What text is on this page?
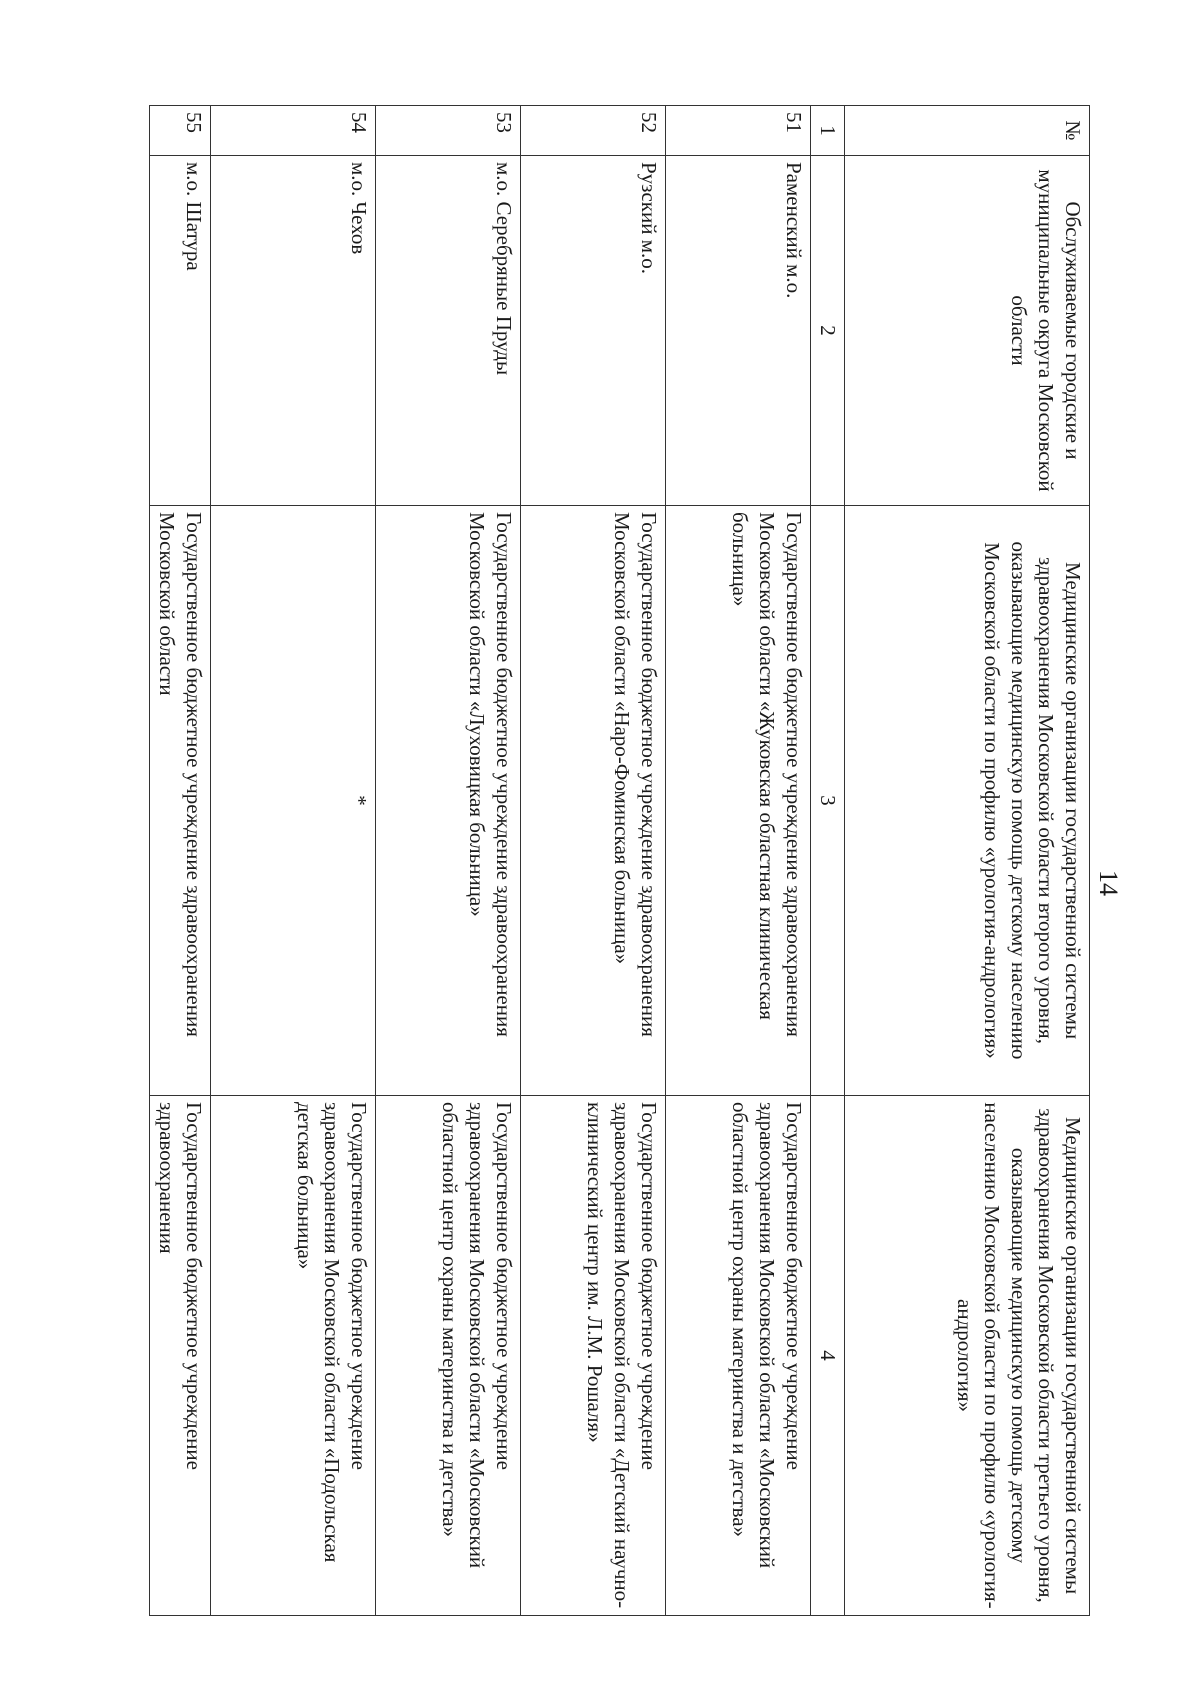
14
№	Обслуживаемые городские и муниципальные округа Московской области	Медицинские организации государственной системы здравоохранения Московской области второго уровня, оказывающие медицинскую помощь детскому населению Московской области по профилю «урология-андрология»	Медицинские организации государственной системы здравоохранения Московской области третьего уровня, оказывающие медицинскую помощь детскому населению Московской области по профилю «урология-андрология»
1	2	3	4
51	Раменский м.о.	Государственное бюджетное учреждение здравоохранения Московской области «Жуковская областная клиническая больница»	Государственное бюджетное учреждение здравоохранения Московской области «Московский областной центр охраны материнства и детства»
52	Рузский м.о.	Государственное бюджетное учреждение здравоохранения Московской области «Наро-Фоминская больница»	Государственное бюджетное учреждение здравоохранения Московской области «Детский научно-клинический центр им. Л.М. Рошаля»
53	м.о. Серебряные Пруды	Государственное бюджетное учреждение здравоохранения Московской области «Луховицкая больница»	Государственное бюджетное учреждение здравоохранения Московской области «Московский областной центр охраны материнства и детства»
54	м.о. Чехов	*	Государственное бюджетное учреждение здравоохранения Московской области «Подольская детская больница»
55	м.о. Шатура	Государственное бюджетное учреждение здравоохранения Московской области	Государственное бюджетное учреждение здравоохранения
